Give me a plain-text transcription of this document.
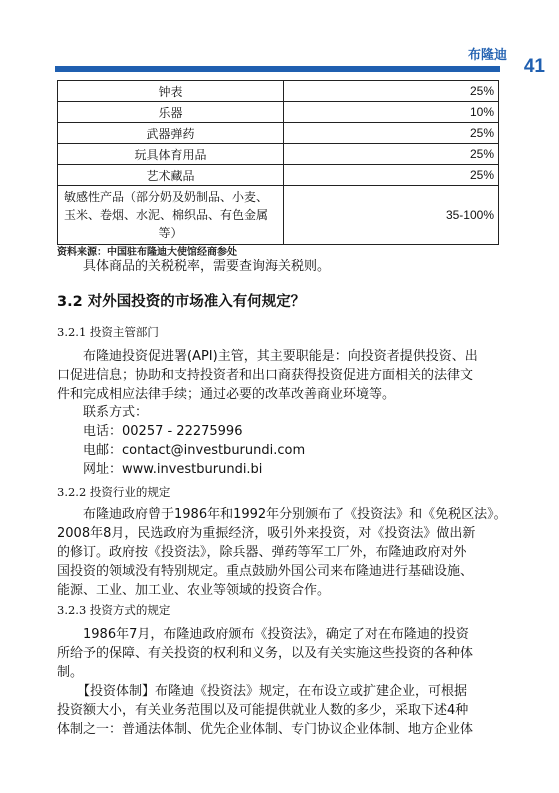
布隆迪
41
钟表	25%
乐器	10%
武器弹药	25%
玩具体育用品	25%
艺术藏品	25%

敏感性产品（部分奶及奶制品、小麦、
玉米、卷烟、水泥、棉织品、有色金属
等）	35-100%
资料来源：中国驻布隆迪大使馆经商参处
具体商品的关税税率，需要查询海关税则。
3.2 对外国投资的市场准入有何规定？
3.2.1 投资主管部门
布隆迪投资促进署(API)主管，其主要职能是：向投资者提供投资、出
口促进信息；协助和支持投资者和出口商获得投资促进方面相关的法律文
件和完成相应法律手续；通过必要的改革改善商业环境等。
联系方式：
电话：00257 - 22275996
电邮：contact@investburundi.com
网址：www.investburundi.bi
3.2.2 投资行业的规定
布隆迪政府曾于1986年和1992年分别颁布了《投资法》和《免税区法》。
2008年8月，民选政府为重振经济，吸引外来投资，对《投资法》做出新
的修订。政府按《投资法》，除兵器、弹药等军工厂外，布隆迪政府对外
国投资的领域没有特别规定。重点鼓励外国公司来布隆迪进行基础设施、
能源、工业、加工业、农业等领域的投资合作。
3.2.3 投资方式的规定
1986年7月，布隆迪政府颁布《投资法》，确定了对在布隆迪的投资
所给予的保障、有关投资的权利和义务，以及有关实施这些投资的各种体
制。
【投资体制】布隆迪《投资法》规定，在布设立或扩建企业，可根据
投资额大小，有关业务范围以及可能提供就业人数的多少，采取下述4种
体制之一：普通法体制、优先企业体制、专门协议企业体制、地方企业体
